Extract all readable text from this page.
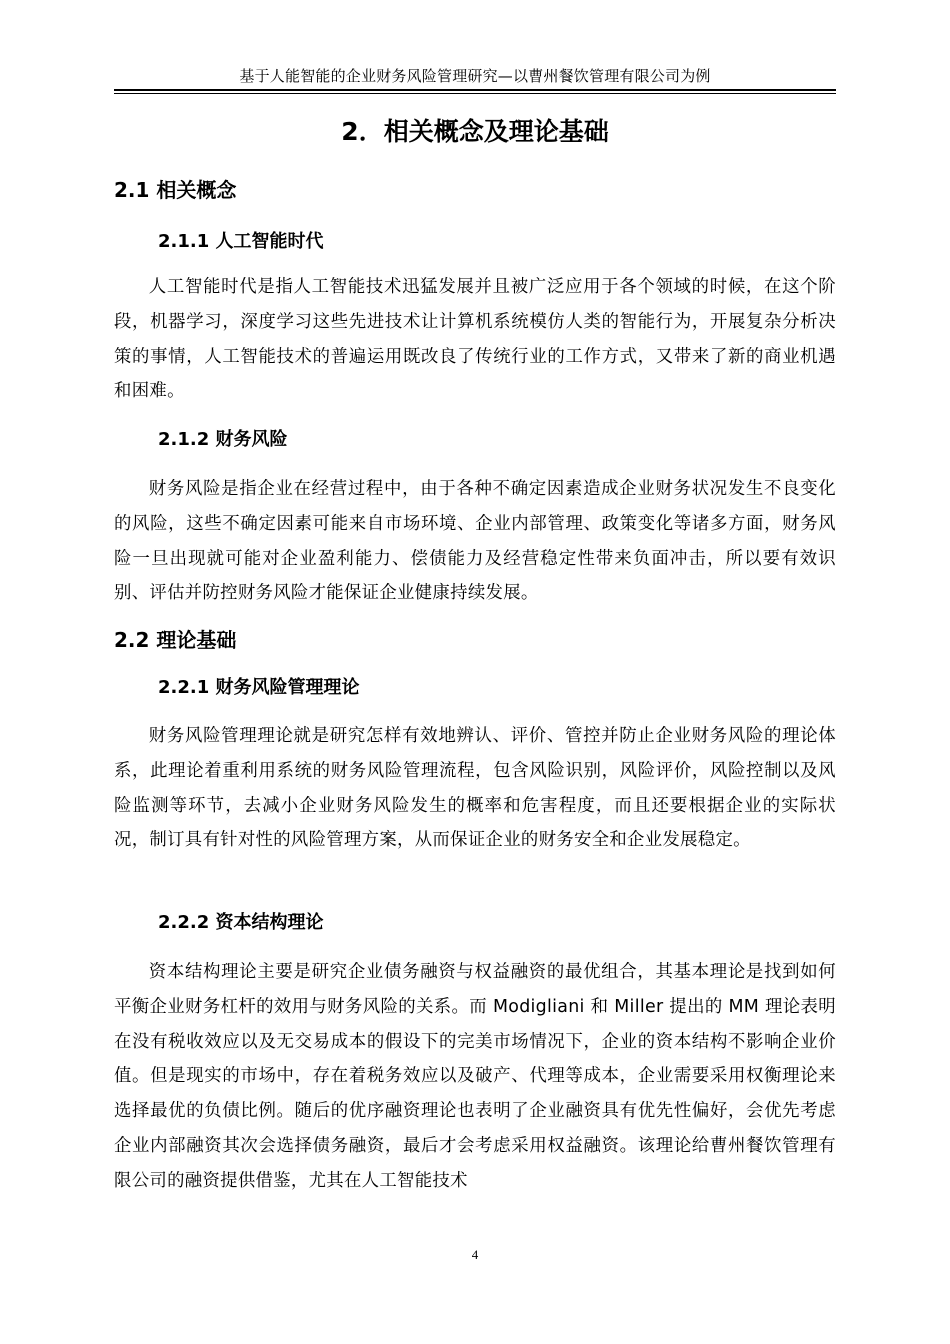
基于人能智能的企业财务风险管理研究—以曹州餐饮管理有限公司为例
2．相关概念及理论基础
2.1 相关概念
2.1.1 人工智能时代
人工智能时代是指人工智能技术迅猛发展并且被广泛应用于各个领域的时候，在这个阶段，机器学习，深度学习这些先进技术让计算机系统模仿人类的智能行为，开展复杂分析决策的事情，人工智能技术的普遍运用既改良了传统行业的工作方式，又带来了新的商业机遇和困难。
2.1.2 财务风险
财务风险是指企业在经营过程中，由于各种不确定因素造成企业财务状况发生不良变化的风险，这些不确定因素可能来自市场环境、企业内部管理、政策变化等诸多方面，财务风险一旦出现就可能对企业盈利能力、偿债能力及经营稳定性带来负面冲击，所以要有效识别、评估并防控财务风险才能保证企业健康持续发展。
2.2 理论基础
2.2.1 财务风险管理理论
财务风险管理理论就是研究怎样有效地辨认、评价、管控并防止企业财务风险的理论体系，此理论着重利用系统的财务风险管理流程，包含风险识别，风险评价，风险控制以及风险监测等环节，去减小企业财务风险发生的概率和危害程度，而且还要根据企业的实际状况，制订具有针对性的风险管理方案，从而保证企业的财务安全和企业发展稳定。
2.2.2 资本结构理论
资本结构理论主要是研究企业债务融资与权益融资的最优组合，其基本理论是找到如何平衡企业财务杠杆的效用与财务风险的关系。而 Modigliani 和 Miller 提出的 MM 理论表明在没有税收效应以及无交易成本的假设下的完美市场情况下，企业的资本结构不影响企业价值。但是现实的市场中，存在着税务效应以及破产、代理等成本，企业需要采用权衡理论来选择最优的负债比例。随后的优序融资理论也表明了企业融资具有优先性偏好，会优先考虑企业内部融资其次会选择债务融资，最后才会考虑采用权益融资。该理论给曹州餐饮管理有限公司的融资提供借鉴，尤其在人工智能技术
4
